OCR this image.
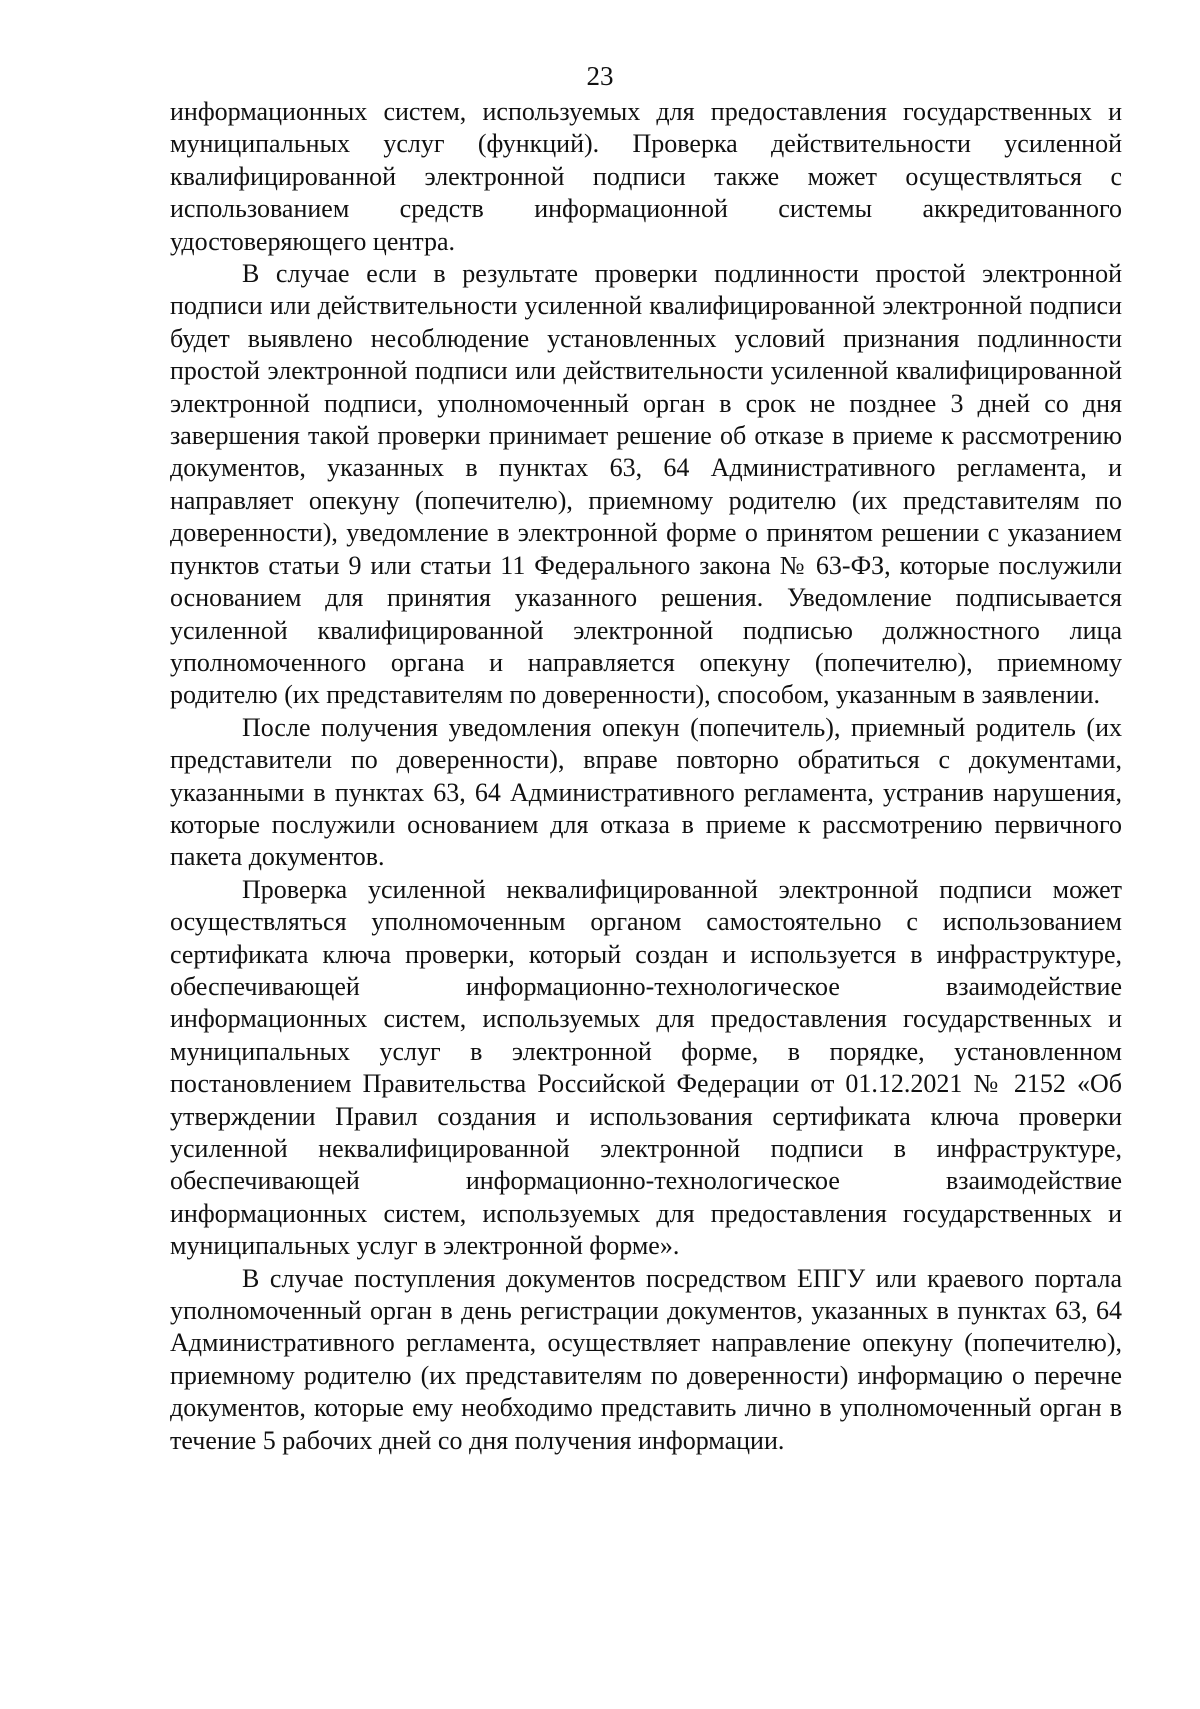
23

информационных систем, используемых для предоставления государственных и муниципальных услуг (функций). Проверка действительности усиленной квалифицированной электронной подписи также может осуществляться с использованием средств информационной системы аккредитованного удостоверяющего центра.

В случае если в результате проверки подлинности простой электронной подписи или действительности усиленной квалифицированной электронной подписи будет выявлено несоблюдение установленных условий признания подлинности простой электронной подписи или действительности усиленной квалифицированной электронной подписи, уполномоченный орган в срок не позднее 3 дней со дня завершения такой проверки принимает решение об отказе в приеме к рассмотрению документов, указанных в пунктах 63, 64 Административного регламента, и направляет опекуну (попечителю), приемному родителю (их представителям по доверенности), уведомление в электронной форме о принятом решении с указанием пунктов статьи 9 или статьи 11 Федерального закона № 63-ФЗ, которые послужили основанием для принятия указанного решения. Уведомление подписывается усиленной квалифицированной электронной подписью должностного лица уполномоченного органа и направляется опекуну (попечителю), приемному родителю (их представителям по доверенности), способом, указанным в заявлении.

После получения уведомления опекун (попечитель), приемный родитель (их представители по доверенности), вправе повторно обратиться с документами, указанными в пунктах 63, 64 Административного регламента, устранив нарушения, которые послужили основанием для отказа в приеме к рассмотрению первичного пакета документов.

Проверка усиленной неквалифицированной электронной подписи может осуществляться уполномоченным органом самостоятельно с использованием сертификата ключа проверки, который создан и используется в инфраструктуре, обеспечивающей информационно-технологическое взаимодействие информационных систем, используемых для предоставления государственных и муниципальных услуг в электронной форме, в порядке, установленном постановлением Правительства Российской Федерации от 01.12.2021 № 2152 «Об утверждении Правил создания и использования сертификата ключа проверки усиленной неквалифицированной электронной подписи в инфраструктуре, обеспечивающей информационно-технологическое взаимодействие информационных систем, используемых для предоставления государственных и муниципальных услуг в электронной форме».

В случае поступления документов посредством ЕПГУ или краевого портала уполномоченный орган в день регистрации документов, указанных в пунктах 63, 64 Административного регламента, осуществляет направление опекуну (попечителю), приемному родителю (их представителям по доверенности) информацию о перечне документов, которые ему необходимо представить лично в уполномоченный орган в течение 5 рабочих дней со дня получения информации.
